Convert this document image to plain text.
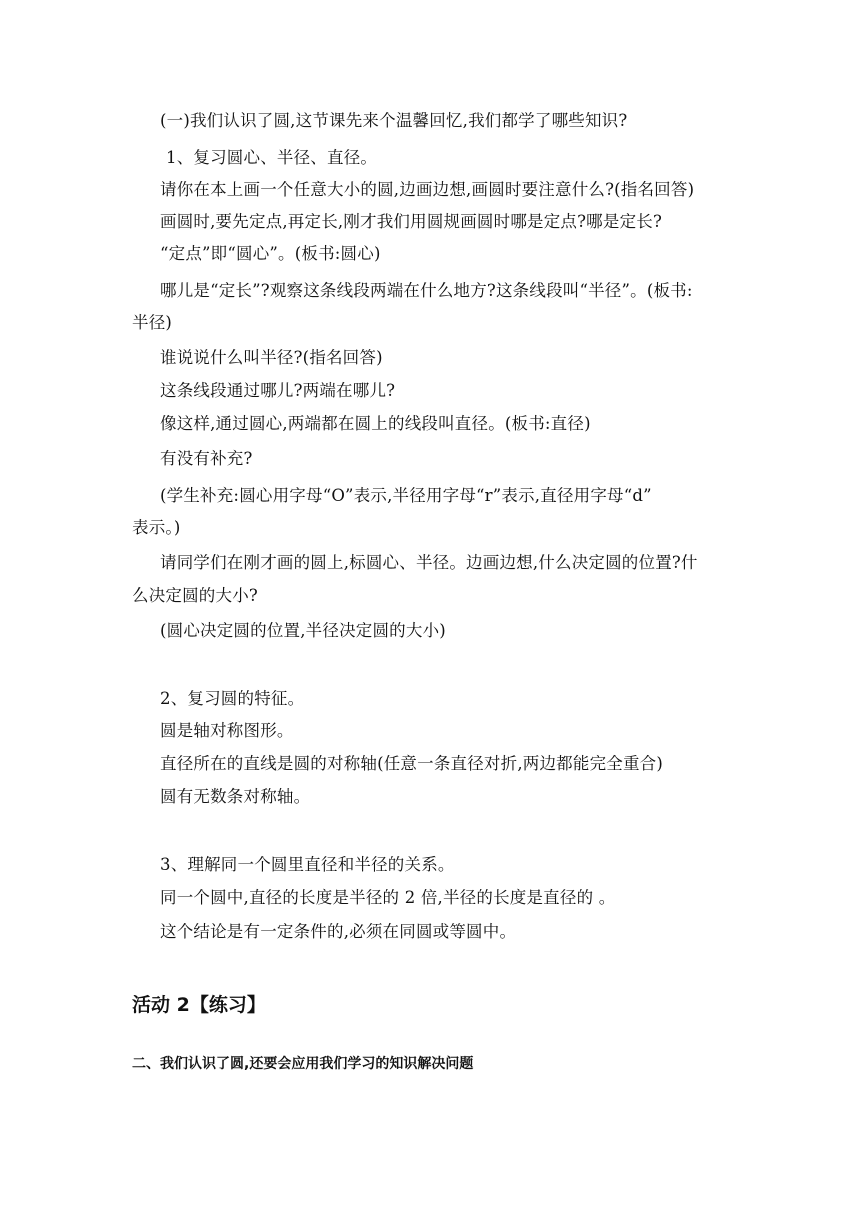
(一)我们认识了圆,这节课先来个温馨回忆,我们都学了哪些知识?
1、复习圆心、半径、直径。
请你在本上画一个任意大小的圆,边画边想,画圆时要注意什么?(指名回答)
画圆时,要先定点,再定长,刚才我们用圆规画圆时哪是定点?哪是定长?
“定点”即“圆心”。(板书:圆心)
哪儿是“定长”?观察这条线段两端在什么地方?这条线段叫“半径”。(板书:
半径)
谁说说什么叫半径?(指名回答)
这条线段通过哪儿?两端在哪儿?
像这样,通过圆心,两端都在圆上的线段叫直径。(板书:直径)
有没有补充?
(学生补充:圆心用字母“O”表示,半径用字母“r”表示,直径用字母“d”
表示。)
请同学们在刚才画的圆上,标圆心、半径。边画边想,什么决定圆的位置?什
么决定圆的大小?
(圆心决定圆的位置,半径决定圆的大小)
2、复习圆的特征。
圆是轴对称图形。
直径所在的直线是圆的对称轴(任意一条直径对折,两边都能完全重合)
圆有无数条对称轴。
3、理解同一个圆里直径和半径的关系。
同一个圆中,直径的长度是半径的 2 倍,半径的长度是直径的 。
这个结论是有一定条件的,必须在同圆或等圆中。
活动 2【练习】
二、我们认识了圆,还要会应用我们学习的知识解决问题
